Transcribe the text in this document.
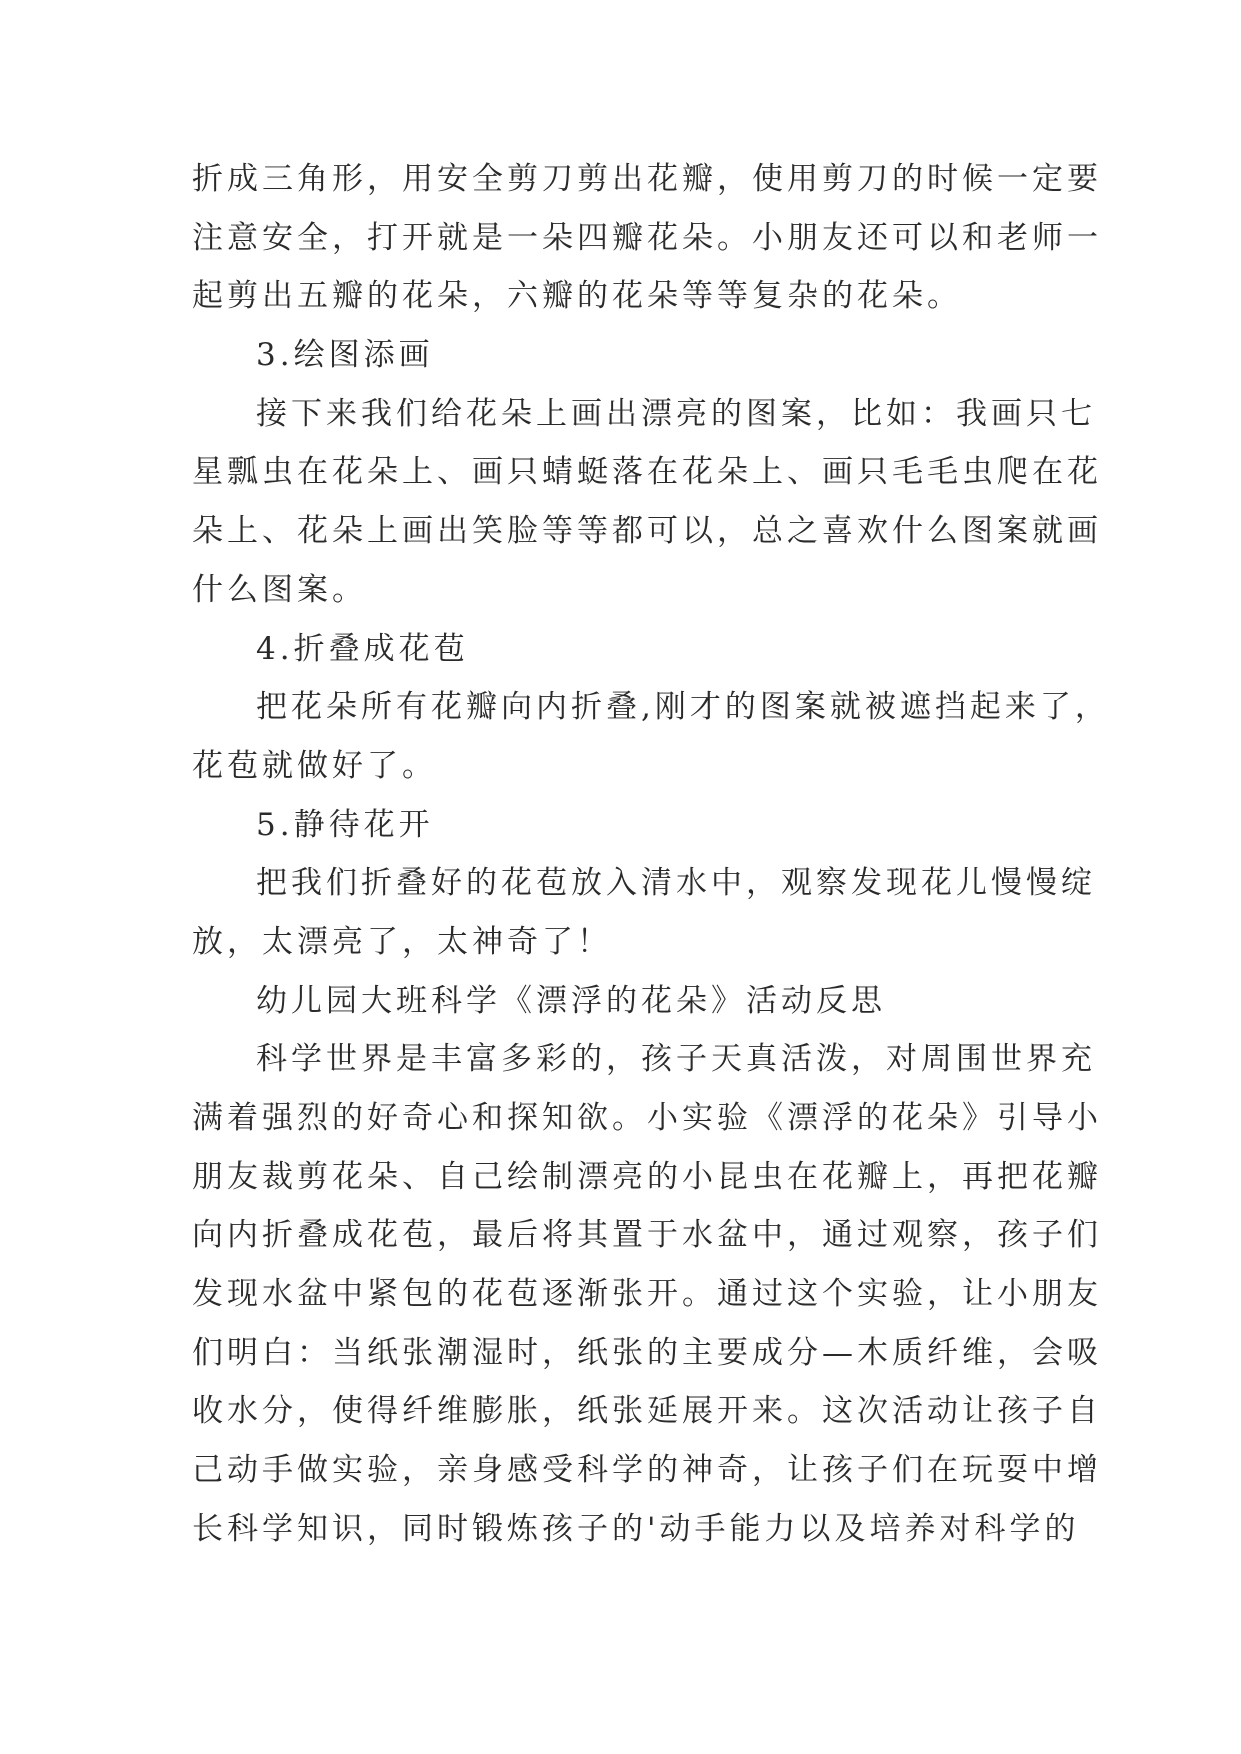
折成三角形，用安全剪刀剪出花瓣，使用剪刀的时候一定要
注意安全，打开就是一朵四瓣花朵。小朋友还可以和老师一
起剪出五瓣的花朵，六瓣的花朵等等复杂的花朵。
3.绘图添画
接下来我们给花朵上画出漂亮的图案，比如：我画只七
星瓢虫在花朵上、画只蜻蜓落在花朵上、画只毛毛虫爬在花
朵上、花朵上画出笑脸等等都可以，总之喜欢什么图案就画
什么图案。
4.折叠成花苞
把花朵所有花瓣向内折叠,刚才的图案就被遮挡起来了，
花苞就做好了。
5.静待花开
把我们折叠好的花苞放入清水中，观察发现花儿慢慢绽
放，太漂亮了，太神奇了！
幼儿园大班科学《漂浮的花朵》活动反思
科学世界是丰富多彩的，孩子天真活泼，对周围世界充
满着强烈的好奇心和探知欲。小实验《漂浮的花朵》引导小
朋友裁剪花朵、自己绘制漂亮的小昆虫在花瓣上，再把花瓣
向内折叠成花苞，最后将其置于水盆中，通过观察，孩子们
发现水盆中紧包的花苞逐渐张开。通过这个实验，让小朋友
们明白：当纸张潮湿时，纸张的主要成分—木质纤维，会吸
收水分，使得纤维膨胀，纸张延展开来。这次活动让孩子自
己动手做实验，亲身感受科学的神奇，让孩子们在玩耍中增
长科学知识，同时锻炼孩子的'动手能力以及培养对科学的
